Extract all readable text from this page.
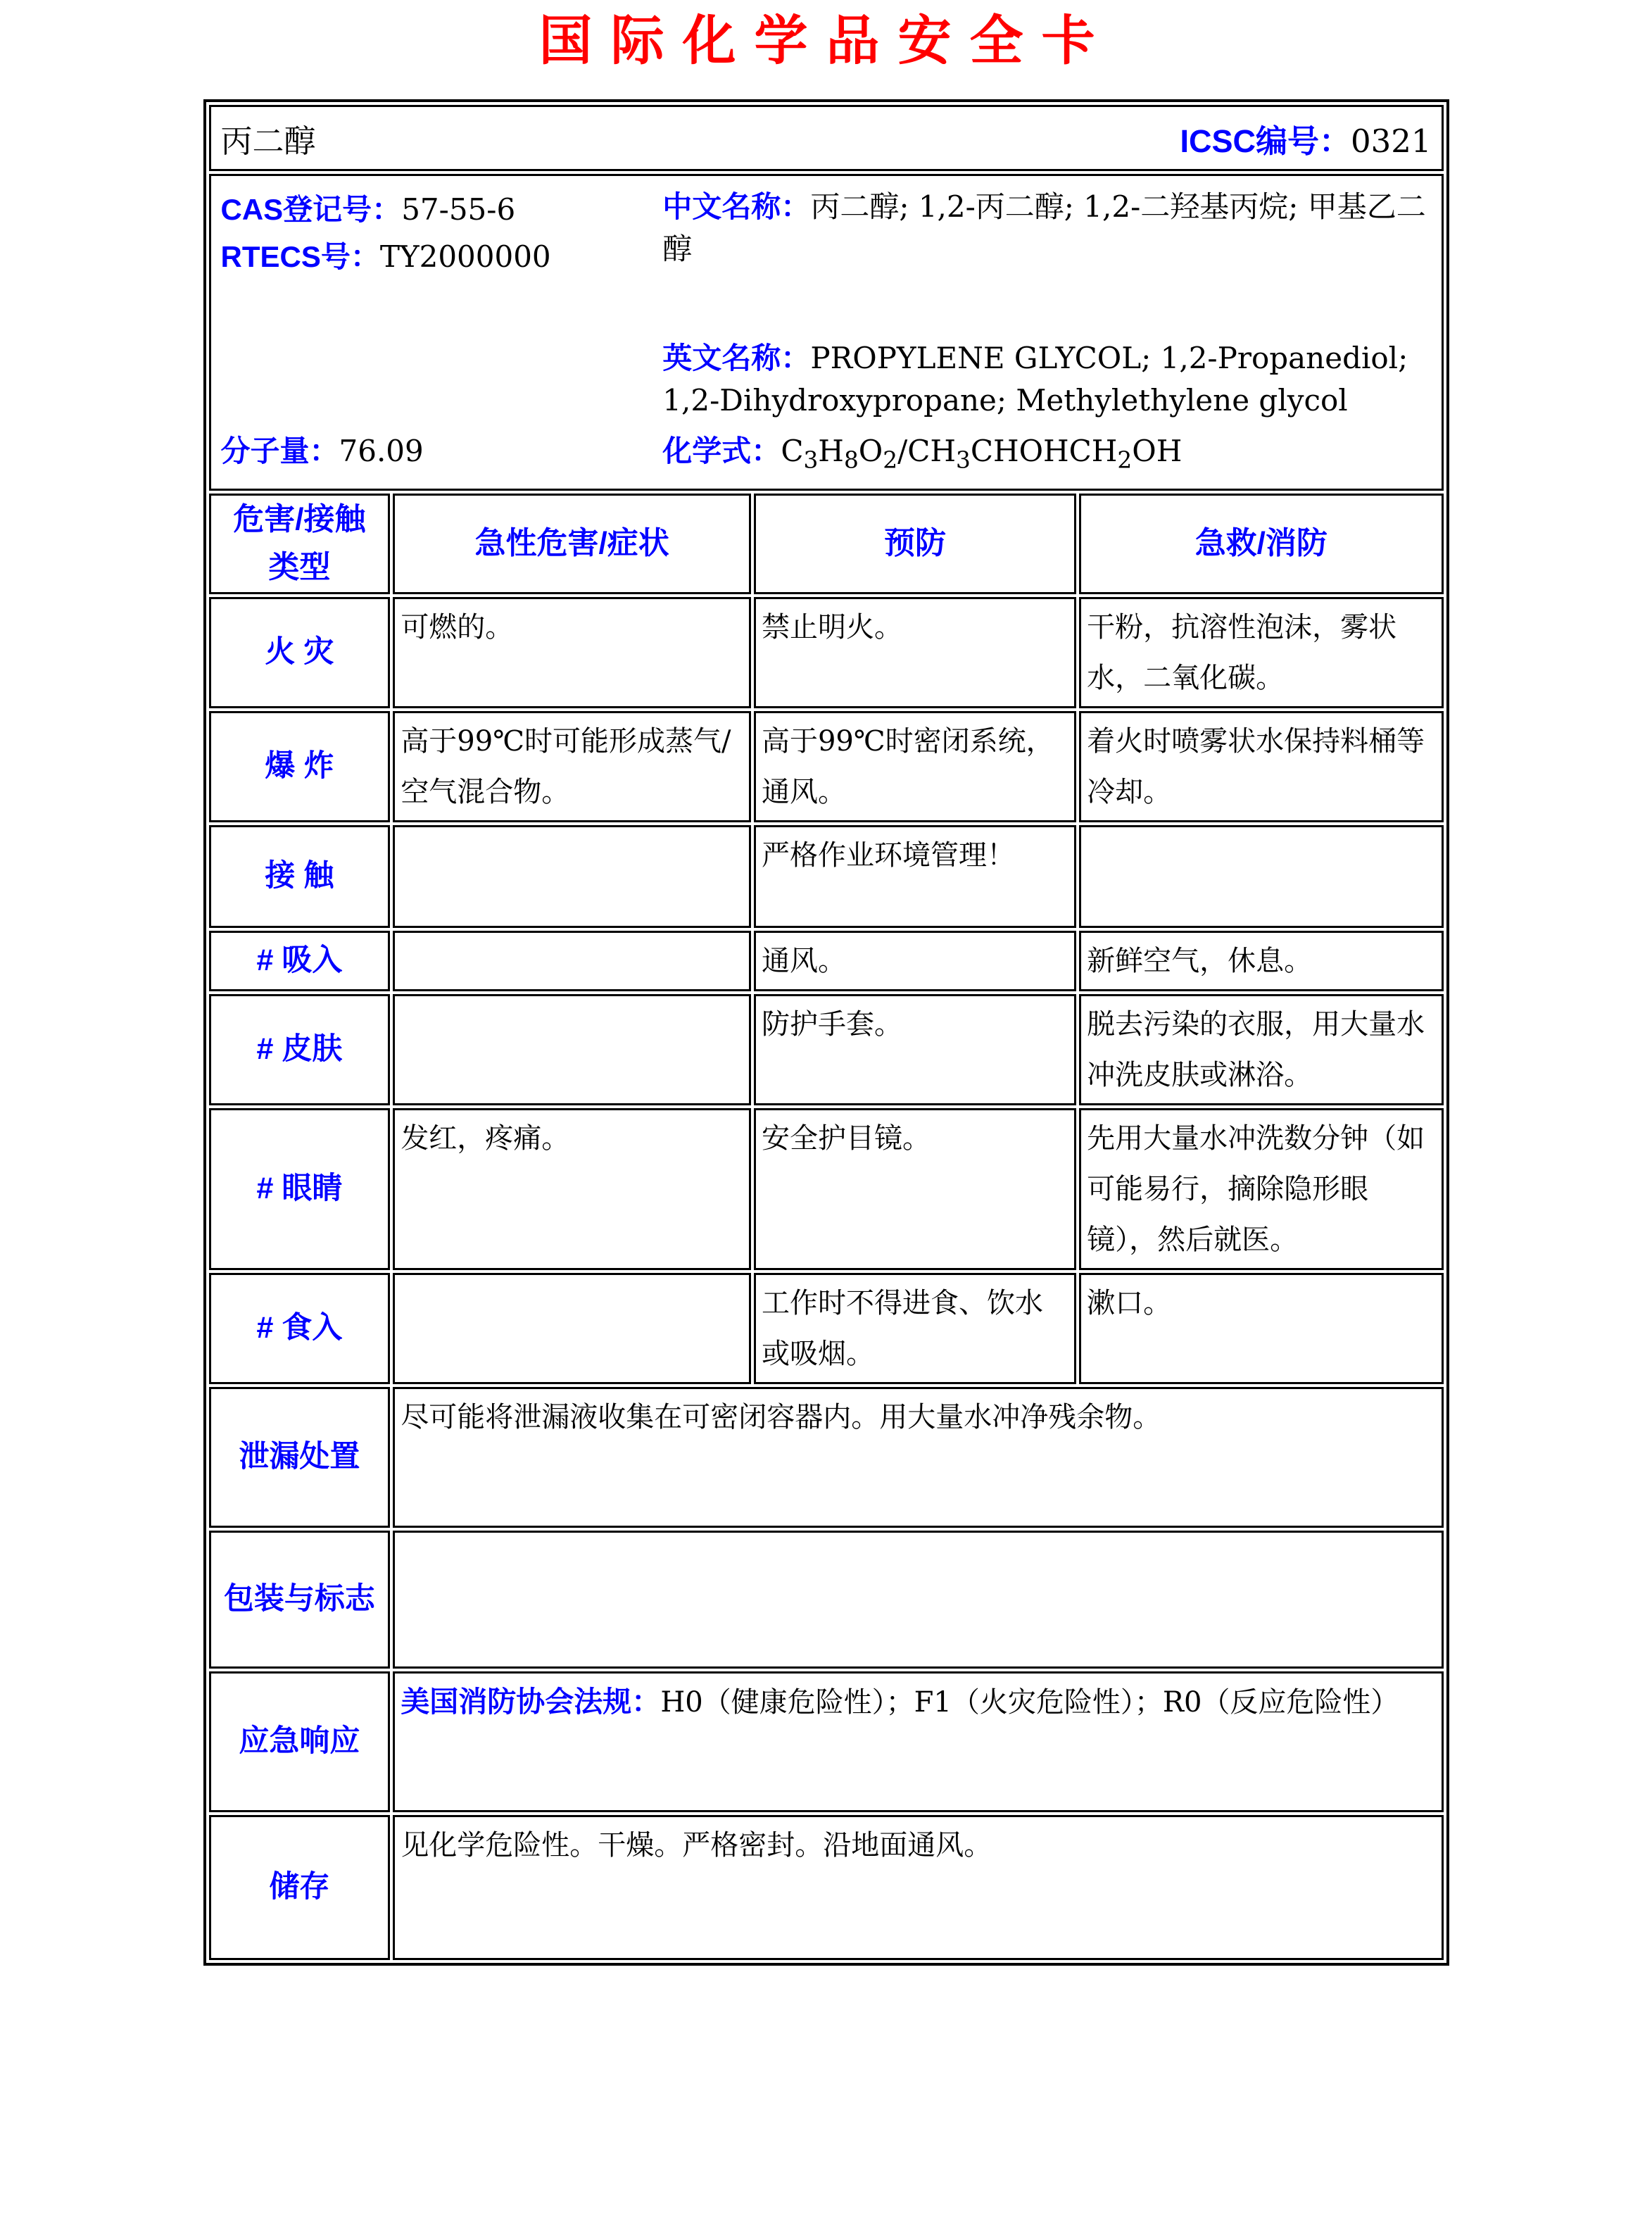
国际化学品安全卡
丙二醇 ICSC编号：0321			

CAS登记号：57-55-6
RTECS号：TY2000000

中文名称：丙二醇; 1,2-丙二醇; 1,2-二羟基丙烷; 甲基乙二醇

英文名称：PROPYLENE GLYCOL; 1,2-Propanediol; 1,2-Dihydroxypropane; Methylethylene glycol

分子量：76.09	化学式：$C_3H_8O_2/CH_3CHOHCH_2OH$

危害/接触 类型	急性危害/症状	预防	急救/消防
火 灾	可燃的。	禁止明火。	干粉，抗溶性泡沫，雾状水，二氧化碳。
爆 炸	高于99℃时可能形成蒸气/空气混合物。	高于99℃时密闭系统，通风。	着火时喷雾状水保持料桶等冷却。
接 触		严格作业环境管理！	
# 吸入		通风。	新鲜空气，休息。
# 皮肤		防护手套。	脱去污染的衣服，用大量水冲洗皮肤或淋浴。
# 眼睛	发红，疼痛。	安全护目镜。	先用大量水冲洗数分钟（如可能易行，摘除隐形眼镜），然后就医。
# 食入		工作时不得进食、饮水或吸烟。	漱口。
泄漏处置	尽可能将泄漏液收集在可密闭容器内。用大量水冲净残余物。		
包装与标志			
应急响应	美国消防协会法规：H0（健康危险性）；F1（火灾危险性）；R0（反应危险性）		
储存	见化学危险性。干燥。严格密封。沿地面通风。		
